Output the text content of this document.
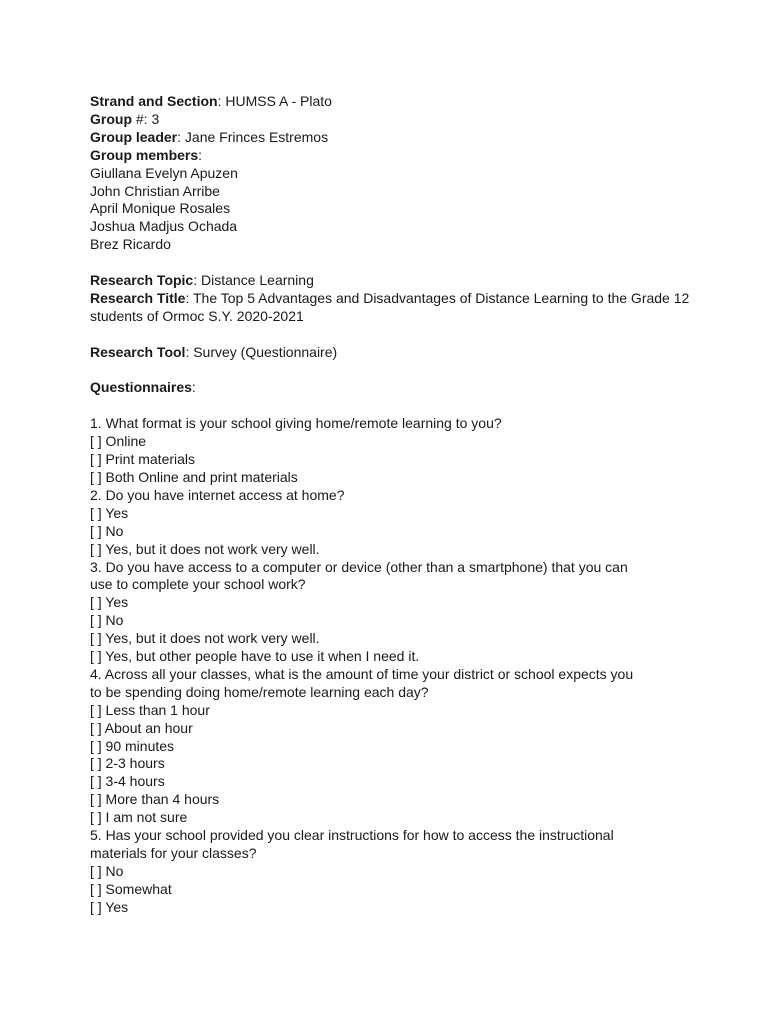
Strand and Section: HUMSS A - Plato
Group #: 3
Group leader: Jane Frinces Estremos
Group members:
Giullana Evelyn Apuzen
John Christian Arribe
April Monique Rosales
Joshua Madjus Ochada
Brez Ricardo
Research Topic: Distance Learning
Research Title: The Top 5 Advantages and Disadvantages of Distance Learning to the Grade 12 students of Ormoc S.Y. 2020-2021
Research Tool: Survey (Questionnaire)
Questionnaires:
1. What format is your school giving home/remote learning to you?
[ ] Online
[ ] Print materials
[ ] Both Online and print materials
2. Do you have internet access at home?
[ ] Yes
[ ] No
[ ] Yes, but it does not work very well.
3. Do you have access to a computer or device (other than a smartphone) that you can
use to complete your school work?
[ ] Yes
[ ] No
[ ] Yes, but it does not work very well.
[ ] Yes, but other people have to use it when I need it.
4. Across all your classes, what is the amount of time your district or school expects you
to be spending doing home/remote learning each day?
[ ] Less than 1 hour
[ ] About an hour
[ ] 90 minutes
[ ] 2-3 hours
[ ] 3-4 hours
[ ] More than 4 hours
[ ] I am not sure
5. Has your school provided you clear instructions for how to access the instructional
materials for your classes?
[ ] No
[ ] Somewhat
[ ] Yes
